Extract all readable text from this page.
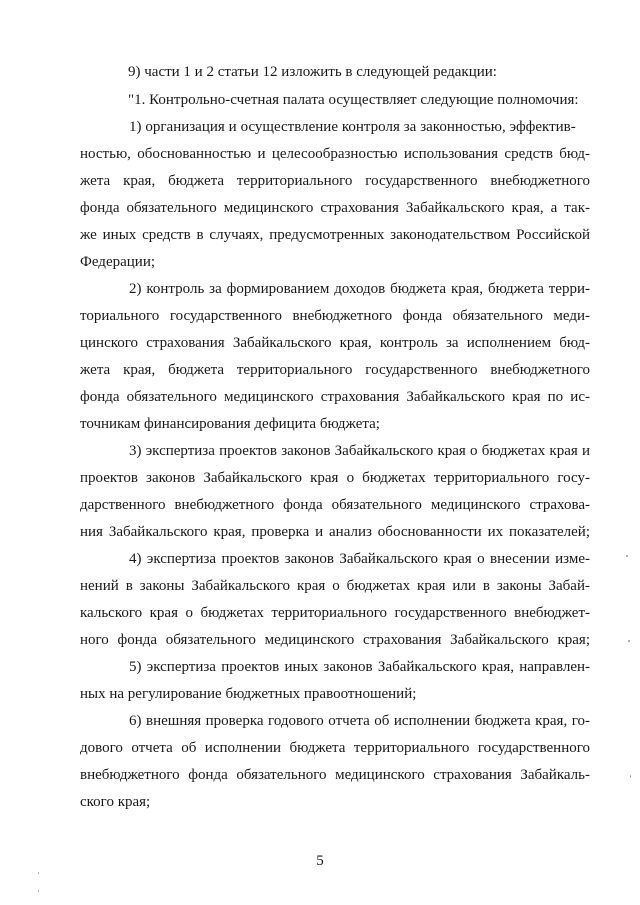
9) части 1 и 2 статьи 12 изложить в следующей редакции:
"1. Контрольно-счетная палата осуществляет следующие полномочия:
1) организация и осуществление контроля за законностью, эффектив-
ностью, обоснованностью и целесообразностью использования средств бюд-
жета края, бюджета территориального государственного внебюджетного
фонда обязательного медицинского страхования Забайкальского края, а так-
же иных средств в случаях, предусмотренных законодательством Российской
Федерации;
2) контроль за формированием доходов бюджета края, бюджета терри-
ториального государственного внебюджетного фонда обязательного меди-
цинского страхования Забайкальского края, контроль за исполнением бюд-
жета края, бюджета территориального государственного внебюджетного
фонда обязательного медицинского страхования Забайкальского края по ис-
точникам финансирования дефицита бюджета;
3) экспертиза проектов законов Забайкальского края о бюджетах края и
проектов законов Забайкальского края о бюджетах территориального госу-
дарственного внебюджетного фонда обязательного медицинского страхова-
ния Забайкальского края, проверка и анализ обоснованности их показателей;
4) экспертиза проектов законов Забайкальского края о внесении изме-
нений в законы Забайкальского края о бюджетах края или в законы Забай-
кальского края о бюджетах территориального государственного внебюджет-
ного фонда обязательного медицинского страхования Забайкальского края;
5) экспертиза проектов иных законов Забайкальского края, направлен-
ных на регулирование бюджетных правоотношений;
6) внешняя проверка годового отчета об исполнении бюджета края, го-
дового отчета об исполнении бюджета территориального государственного
внебюджетного фонда обязательного медицинского страхования Забайкаль-
ского края;
5
